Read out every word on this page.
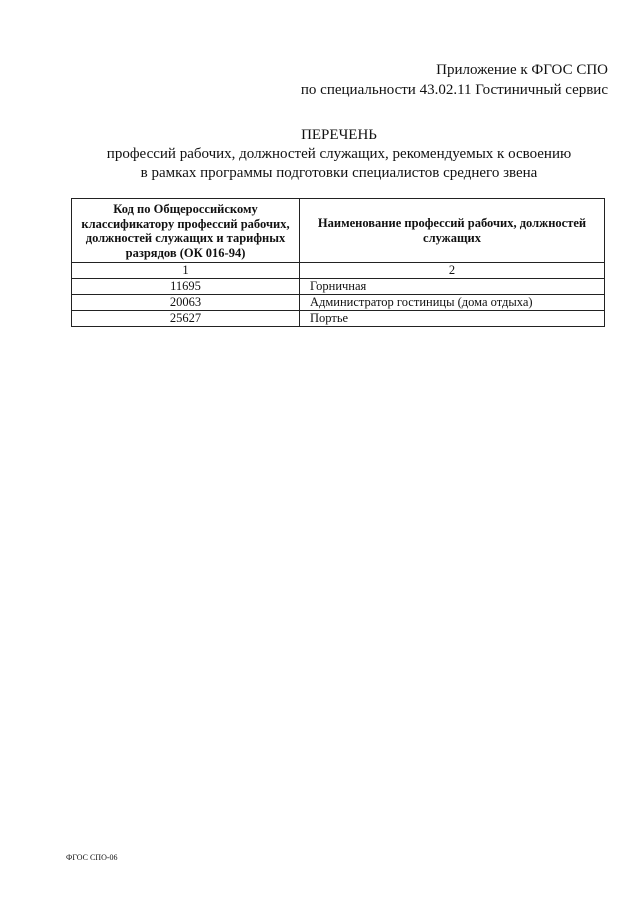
Приложение к ФГОС СПО
по специальности 43.02.11 Гостиничный сервис
ПЕРЕЧЕНЬ
профессий рабочих, должностей служащих, рекомендуемых к освоению
в рамках программы подготовки специалистов среднего звена
Код по Общероссийскому классификатору профессий рабочих, должностей служащих и тарифных разрядов (ОК 016-94)	Наименование профессий рабочих, должностей служащих
1	2
11695	Горничная
20063	Администратор гостиницы (дома отдыха)
25627	Портье
ФГОС СПО-06
